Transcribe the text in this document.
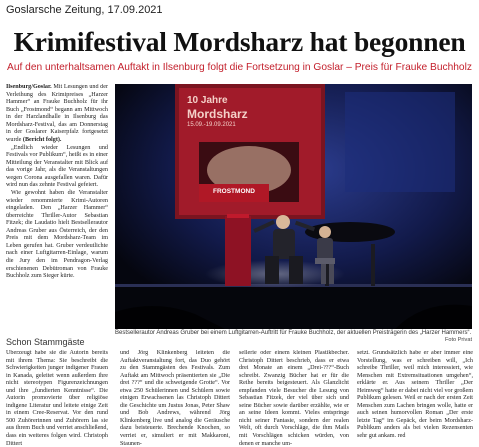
Goslarsche Zeitung, 17.09.2021
Krimifestival Mordsharz hat begonnen
Auf den unterhaltsamen Auftakt in Ilsenburg folgt die Fortsetzung in Goslar – Preis für Frauke Buchholz

Ilsenburg/Goslar. Mit Lesungen und der Verleihung des Krimipreises „Harzer Hammer“ an Frauke Buchholz für ihr Buch „Frostmond“ begann am Mittwoch in der Harzlandhalle in Ilsenburg das Mordsharz-Festival, das am Donnerstag in der Goslarer Kaiserpfalz fortgesetzt wurde (Bericht folgt).

„Endlich wieder Lesungen und Festivals vor Publikum“, heißt es in einer Mitteilung der Veranstalter mit Blick auf das vorige Jahr, als die Veranstaltungen wegen Corona ausgefallen waren. Dafür wird nun das zehnte Festival gefeiert.

Wie gewohnt haben die Veranstalter wieder renommierte Krimi-Autoren eingeladen. Den „Harzer Hammer“ überreichte Thriller-Autor Sebastian Fitzek; die Laudatio hielt Bestsellerautor Andreas Gruber aus Österreich, der den Preis mit dem Mordsharz-Team im Leben gerufen hat. Gruber verdeutlichte nach einer Luftgitarren-Einlage, warum die Jury den im Pendragon-Verlag erschienenen Debütroman von Frauke Buchholz zum Sieger kürte.

10 Jahre
Mordsharz
15.09.-19.09.2021
FROSTMOND
Bestsellerautor Andreas Gruber bei einem Luftgitarren-Auftritt für Frauke Buchholz, der aktuellen Preisträgerin des „Harzer Hammers“.
Foto Privat
Schon Stammgäste

Überzeugt habe sie die Autorin bereits mit ihrem Thema: Sie beschreibt die Schwierigkeiten junger indigener Frauen in Kanada, geleitet wenn außerdem ihre nicht stereotypen Figurenzeichnungen und ihre „fundierten Kenntnisse“. Die Autorin promovierte über religiöse indigene Literatur und leitete einige Zeit in einem Cree-Reservat. Vor den rund 500 Zuhörerinnen und Zuhörern las sie aus ihrem Buch und verriet anschließend, dass ein weiteres folgen wird. Christoph Dittert

und Jörg Klinkenberg leiteten die Auftaktveranstaltung fort, das Duo gehört zu den Stammgästen des Festivals. Zum Auftakt am Mittwoch präsentierten sie „Die drei ???“ und die schweigende Grotte“. Vor etwa 250 Schülerinnen und Schülern sowie einigen Erwachsenen las Christoph Dittert die Geschichte um Justus Jonas, Peter Shaw und Bob Andrews, während Jörg Klinkenberg live und analog die Geräusche dazu beisteuerte. Brechende Knochen, so verriet er, simuliert er mit Makkaroni, Staunen-

sellerie oder einem kleinen Plastikbecher. Christoph Dittert beschrieb, dass er etwa drei Monate an einem „Drei-???“-Buch schreibt. Zwanzig Bücher hat er für die Reihe bereits beigesteuert. Als Glanzlicht empfanden viele Besucher die Lesung von Sebastian Fitzek, der viel über sich und seine Bücher sowie darüber erzählte, wie er an seine Ideen kommt. Vieles entspringe nicht seiner Fantasie, sondern der realen Welt, oft durch Vorschläge, die ihm Mails mit Vorschlägen schicken würden, von denen er manche um-

setzt. Grundsätzlich habe er aber immer eine Vorstellung, was er schreiben will, „Ich schreibe Thriller, weil mich interessiert, wie Menschen mit Extremsituationen umgehen“, erklärte er. Aus seinem Thriller „Der Heimweg“ hatte er dabei nicht viel vor großem Publikum gelesen. Weil er nach der ersten Zeit Menschen zum Lachen bringen wolle, hatte er auch seinen humorvollen Roman „Der erste letzte Tag“ im Gepäck, der beim Mordsharz-Publikum anders als bei vielen Rezensenten sehr gut ankam. red
